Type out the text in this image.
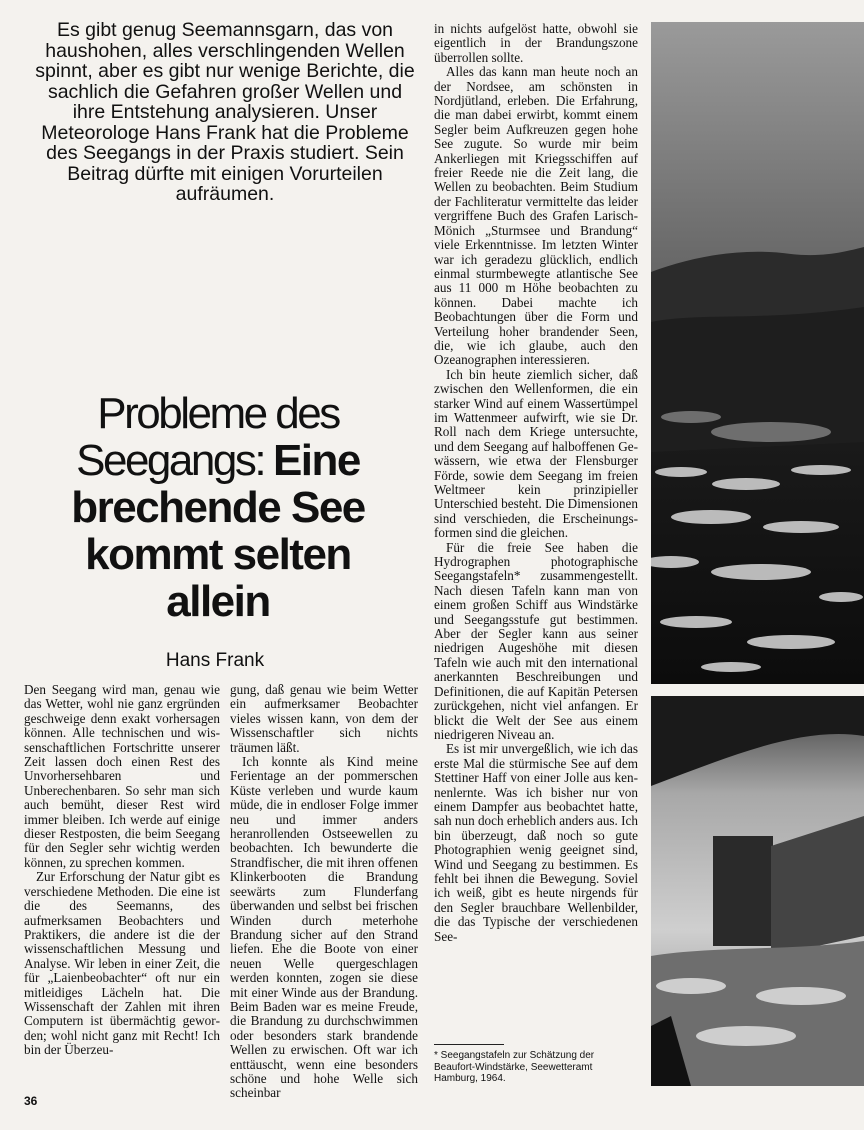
Es gibt genug Seemannsgarn, das von haushohen, alles verschlingenden Wellen spinnt, aber es gibt nur wenige Berichte, die sachlich die Gefahren großer Wellen und ihre Entstehung analysieren. Unser Meteorologe Hans Frank hat die Probleme des Seegangs in der Praxis studiert. Sein Beitrag dürfte mit einigen Vorurteilen aufräumen.

Probleme des
Seegangs: Eine
brechende See
kommt selten
allein

Hans Frank

Den Seegang wird man, genau wie das Wetter, wohl nie ganz ergründen geschweige denn exakt vorhersagen können. Alle technischen und wissenschaftlichen Fortschritte unserer Zeit lassen doch einen Rest des Unvorhersehbaren und Unberechenbaren. So sehr man sich auch bemüht, dieser Rest wird immer bleiben. Ich werde auf einige dieser Restposten, die beim Seegang für den Segler sehr wichtig werden können, zu sprechen kommen.

Zur Erforschung der Natur gibt es verschiedene Methoden. Die eine ist die des Seemanns, des aufmerksamen Beobachters und Praktikers, die andere ist die der wissenschaftlichen Messung und Analyse. Wir leben in einer Zeit, die für „Laienbeobachter“ oft nur ein mitleidiges Lächeln hat. Die Wissenschaft der Zahlen mit ihren Computern ist übermächtig geworden; wohl nicht ganz mit Recht! Ich bin der Überzeu-

gung, daß genau wie beim Wetter ein aufmerksamer Beobachter vieles wissen kann, von dem der Wissenschaftler sich nichts träumen läßt.

Ich konnte als Kind meine Ferientage an der pommerschen Küste verleben und wurde kaum müde, die in endloser Folge immer neu und immer anders heranrollenden Ostseewellen zu beobachten. Ich bewunderte die Strandfischer, die mit ihren offenen Klinkerbooten die Brandung seewärts zum Flunderfang überwanden und selbst bei frischen Winden durch meterhohe Brandung sicher auf den Strand liefen. Ehe die Boote von einer neuen Welle quergeschlagen werden konnten, zogen sie diese mit einer Winde aus der Brandung. Beim Baden war es meine Freude, die Brandung zu durchschwimmen oder besonders stark brandende Wellen zu erwischen. Oft war ich enttäuscht, wenn eine besonders schöne und hohe Welle sich scheinbar

in nichts aufgelöst hatte, obwohl sie eigentlich in der Brandungszone überrollen sollte.

Alles das kann man heute noch an der Nordsee, am schönsten in Nordjütland, erleben. Die Erfahrung, die man dabei erwirbt, kommt einem Segler beim Aufkreuzen gegen hohe See zugute. So wurde mir beim Ankerliegen mit Kriegsschiffen auf freier Reede nie die Zeit lang, die Wellen zu beobachten. Beim Studium der Fachliteratur vermittelte das leider vergriffene Buch des Grafen Larisch-Mönich „Sturmsee und Brandung“ viele Erkenntnisse. Im letzten Winter war ich geradezu glücklich, endlich einmal sturmbewegte atlantische See aus 11 000 m Höhe beobachten zu können. Dabei machte ich Beobachtungen über die Form und Verteilung hoher brandender Seen, die, wie ich glaube, auch den Ozeanographen interessieren.

Ich bin heute ziemlich sicher, daß zwischen den Wellenformen, die ein starker Wind auf einem Wassertümpel im Wattenmeer aufwirft, wie sie Dr. Roll nach dem Kriege untersuchte, und dem Seegang auf halboffenen Gewässern, wie etwa der Flensburger Förde, sowie dem Seegang im freien Weltmeer kein prinzipieller Unterschied besteht. Die Dimensionen sind verschieden, die Erscheinungsformen sind die gleichen.

Für die freie See haben die Hydrographen photographische Seegangstafeln* zusammengestellt. Nach diesen Tafeln kann man von einem großen Schiff aus Windstärke und Seegangsstufe gut bestimmen. Aber der Segler kann aus seiner niedrigen Augeshöhe mit diesen Tafeln wie auch mit den international anerkannten Beschreibungen und Definitionen, die auf Kapitän Petersen zurückgehen, nicht viel anfangen. Er blickt die Welt der See aus einem niedrigeren Niveau an.

Es ist mir unvergeßlich, wie ich das erste Mal die stürmische See auf dem Stettiner Haff von einer Jolle aus kennenlernte. Was ich bisher nur von einem Dampfer aus beobachtet hatte, sah nun doch erheblich anders aus. Ich bin überzeugt, daß noch so gute Photographien wenig geeignet sind, Wind und Seegang zu bestimmen. Es fehlt bei ihnen die Bewegung. Soviel ich weiß, gibt es heute nirgends für den Segler brauchbare Wellenbilder, die das Typische der verschiedenen See-

* Seegangstafeln zur Schätzung der Beaufort-Windstärke, Seewetteramt Hamburg, 1964.
36
